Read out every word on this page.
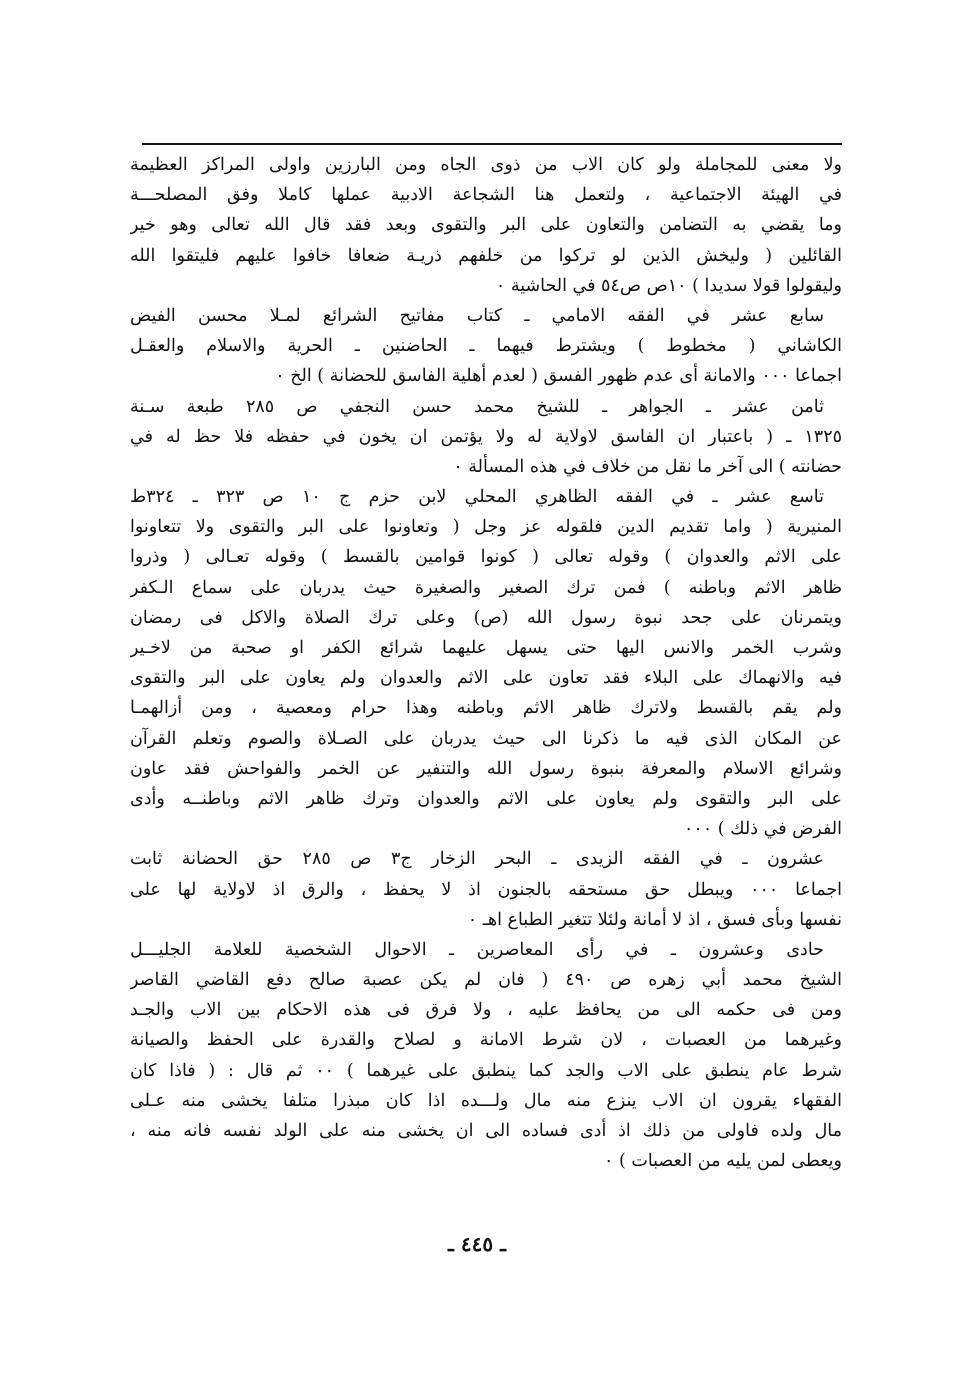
ولا معنى للمجاملة ولو كان الاب من ذوى الجاه ومن البارزين واولى المراكز العظيمة
في الهيئة الاجتماعية ، ولتعمل هنا الشجاعة الادبية عملها كاملا وفق المصلحـــة
وما يقضي به التضامن والتعاون على البر والتقوى وبعد فقد قال الله تعالى وهو خير
القائلين ( وليخش الذين لو تركوا من خلفهم ذريـة ضعافا خافوا عليهم فليتقوا الله
وليقولوا قولا سديدا ) ١٠ص ص٥٤ في الحاشية ٠
سابع عشر في الفقه الامامي ـ كتاب مفاتيح الشرائع لمـلا محسن الفيض
الكاشاني ( مخطوط ) ويشترط فيهما ـ الحاضنين ـ الحرية والاسلام والعقـل
اجماعا ٠٠٠ والامانة أى عدم ظهور الفسق ( لعدم أهلية الفاسق للحضانة ) الخ ٠
ثامن عشر ـ الجواهر ـ للشيخ محمد حسن النجفي ص ٢٨٥ طبعة سـنة
١٣٢٥ ـ ( باعتبار ان الفاسق لاولاية له ولا يؤتمن ان يخون في حفظه فلا حظ له في
حضانته ) الى آخر ما نقل من خلاف في هذه المسألة ٠
تاسع عشر ـ في الفقه الظاهري المحلي لابن حزم ج ١٠ ص ٣٢٣ ـ ٣٢٤ط
المنيرية ( واما تقديم الدين فلقوله عز وجل ( وتعاونوا على البر والتقوى ولا تتعاونوا
على الاثم والعدوان ) وقوله تعالى ( كونوا قوامين بالقسط ) وقوله تعـالى ( وذروا
ظاهر الاثم وباطنه ) فمن ترك الصغير والصغيرة حيث يدربان على سماع الـكفر
ويتمرنان على جحد نبوة رسول الله (ص) وعلى ترك الصلاة والاكل فى رمضان
وشرب الخمر والانس اليها حتى يسهل عليهما شرائع الكفر او صحبة من لاخـير
فيه والانهماك على البلاء فقد تعاون على الاثم والعدوان ولم يعاون على البر والتقوى
ولم يقم بالقسط ولاترك ظاهر الاثم وباطنه وهذا حرام ومعصية ، ومن أزالهمـا
عن المكان الذى فيه ما ذكرنا الى حيث يدربان على الصـلاة والصوم وتعلم القرآن
وشرائع الاسلام والمعرفة بنبوة رسول الله والتنفير عن الخمر والفواحش فقد عاون
على البر والتقوى ولم يعاون على الاثم والعدوان وترك ظاهر الاثم وباطنــه وأدى
الفرض في ذلك ) ٠٠٠
عشرون ـ في الفقه الزيدى ـ البحر الزخار ج٣ ص ٢٨٥ حق الحضانة ثابت
اجماعا ٠٠٠ ويبطل حق مستحقه بالجنون اذ لا يحفظ ، والرق اذ لاولاية لها على
نفسها وبأى فسق ، اذ لا أمانة ولئلا تتغير الطباع اهـ ٠
حادى وعشرون ـ في رأى المعاصرين ـ الاحوال الشخصية للعلامة الجليـــل
الشيخ محمد أبي زهره ص ٤٩٠ ( فان لم يكن عصبة صالح دفع القاضي القاصر
ومن فى حكمه الى من يحافظ عليه ، ولا فرق فى هذه الاحكام بين الاب والجـد
وغيرهما من العصبات ، لان شرط الامانة و لصلاح والقدرة على الحفظ والصيانة
شرط عام ينطبق على الاب والجد كما ينطبق على غيرهما ) ٠٠ ثم قال : ( فاذا كان
الفقهاء يقرون ان الاب ينزع منه مال ولـــده اذا كان مبذرا متلفا يخشى منه عـلى
مال ولده فاولى من ذلك اذ أدى فساده الى ان يخشى منه على الولد نفسه فانه منه ،
ويعطى لمن يليه من العصبات ) ٠
ـ ٤٤٥ ـ
